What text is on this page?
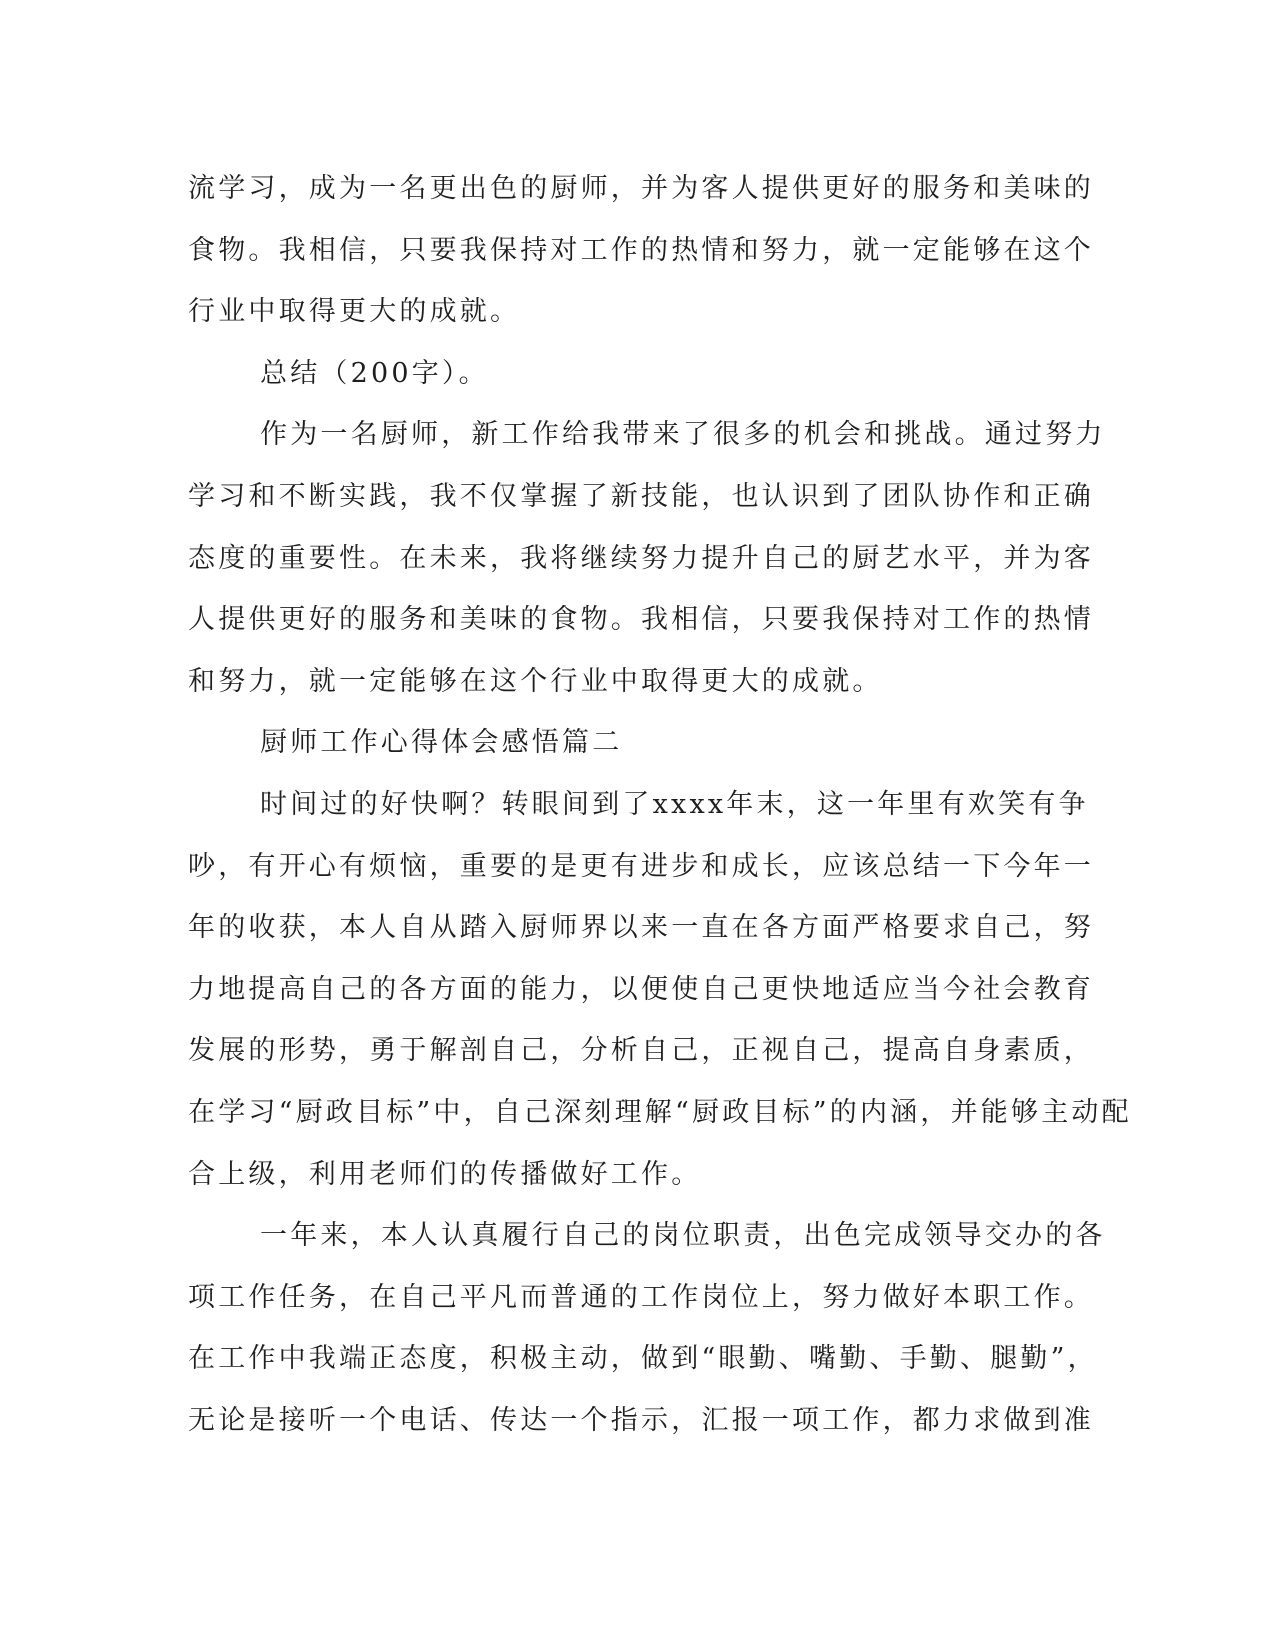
流学习，成为一名更出色的厨师，并为客人提供更好的服务和美味的
食物。我相信，只要我保持对工作的热情和努力，就一定能够在这个
行业中取得更大的成就。
总结（200字）。
作为一名厨师，新工作给我带来了很多的机会和挑战。通过努力
学习和不断实践，我不仅掌握了新技能，也认识到了团队协作和正确
态度的重要性。在未来，我将继续努力提升自己的厨艺水平，并为客
人提供更好的服务和美味的食物。我相信，只要我保持对工作的热情
和努力，就一定能够在这个行业中取得更大的成就。
厨师工作心得体会感悟篇二
时间过的好快啊？转眼间到了xxxx年末，这一年里有欢笑有争
吵，有开心有烦恼，重要的是更有进步和成长，应该总结一下今年一
年的收获，本人自从踏入厨师界以来一直在各方面严格要求自己，努
力地提高自己的各方面的能力，以便使自己更快地适应当今社会教育
发展的形势，勇于解剖自己，分析自己，正视自己，提高自身素质，
在学习“厨政目标”中，自己深刻理解“厨政目标”的内涵，并能够主动配
合上级，利用老师们的传播做好工作。
一年来，本人认真履行自己的岗位职责，出色完成领导交办的各
项工作任务，在自己平凡而普通的工作岗位上，努力做好本职工作。
在工作中我端正态度，积极主动，做到“眼勤、嘴勤、手勤、腿勤”，
无论是接听一个电话、传达一个指示，汇报一项工作，都力求做到准
